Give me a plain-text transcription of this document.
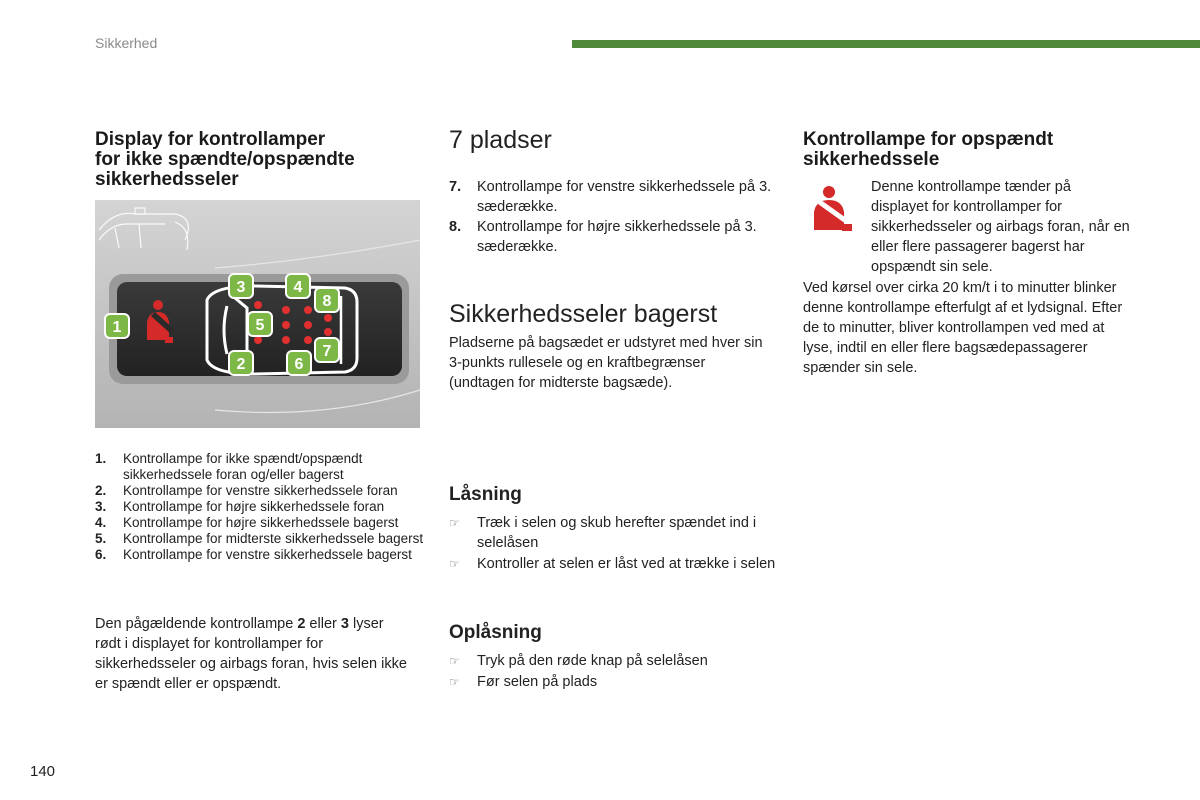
Sikkerhed
Display for kontrollamper
for ikke spændte/opspændte
sikkerhedsseler
1
2
3	4
5
6
7
8
1.	Kontrollampe for ikke spændt/opspændt sikkerhedssele foran og/eller bagerst
2.	Kontrollampe for venstre sikkerhedssele foran
3.	Kontrollampe for højre sikkerhedssele foran
4.	Kontrollampe for højre sikkerhedssele bagerst
5.	Kontrollampe for midterste sikkerhedssele bagerst
6.	Kontrollampe for venstre sikkerhedssele bagerst

Den pågældende kontrollampe 2 eller 3 lyser rødt i displayet for kontrollamper for sikkerhedsseler og airbags foran, hvis selen ikke er spændt eller er opspændt.

7 pladser
7.	Kontrollampe for venstre sikkerhedssele på 3. sæderække.
8.	Kontrollampe for højre sikkerhedssele på 3. sæderække.
Sikkerhedsseler bagerst

Pladserne på bagsædet er udstyret med hver sin 3-punkts rullesele og en kraftbegrænser (undtagen for midterste bagsæde).

Låsning
☞	Træk i selen og skub herefter spændet ind i selelåsen
☞	Kontroller at selen er låst ved at trække i selen
Oplåsning
☞	Tryk på den røde knap på selelåsen
☞	Før selen på plads
Kontrollampe for opspændt
sikkerhedssele

Denne kontrollampe tænder på displayet for kontrollamper for sikkerhedsseler og airbags foran, når en eller flere passagerer bagerst har opspændt sin sele.

Ved kørsel over cirka 20 km/t i to minutter blinker denne kontrollampe efterfulgt af et lydsignal. Efter de to minutter, bliver kontrollampen ved med at lyse, indtil en eller flere bagsædepassagerer spænder sin sele.

140
